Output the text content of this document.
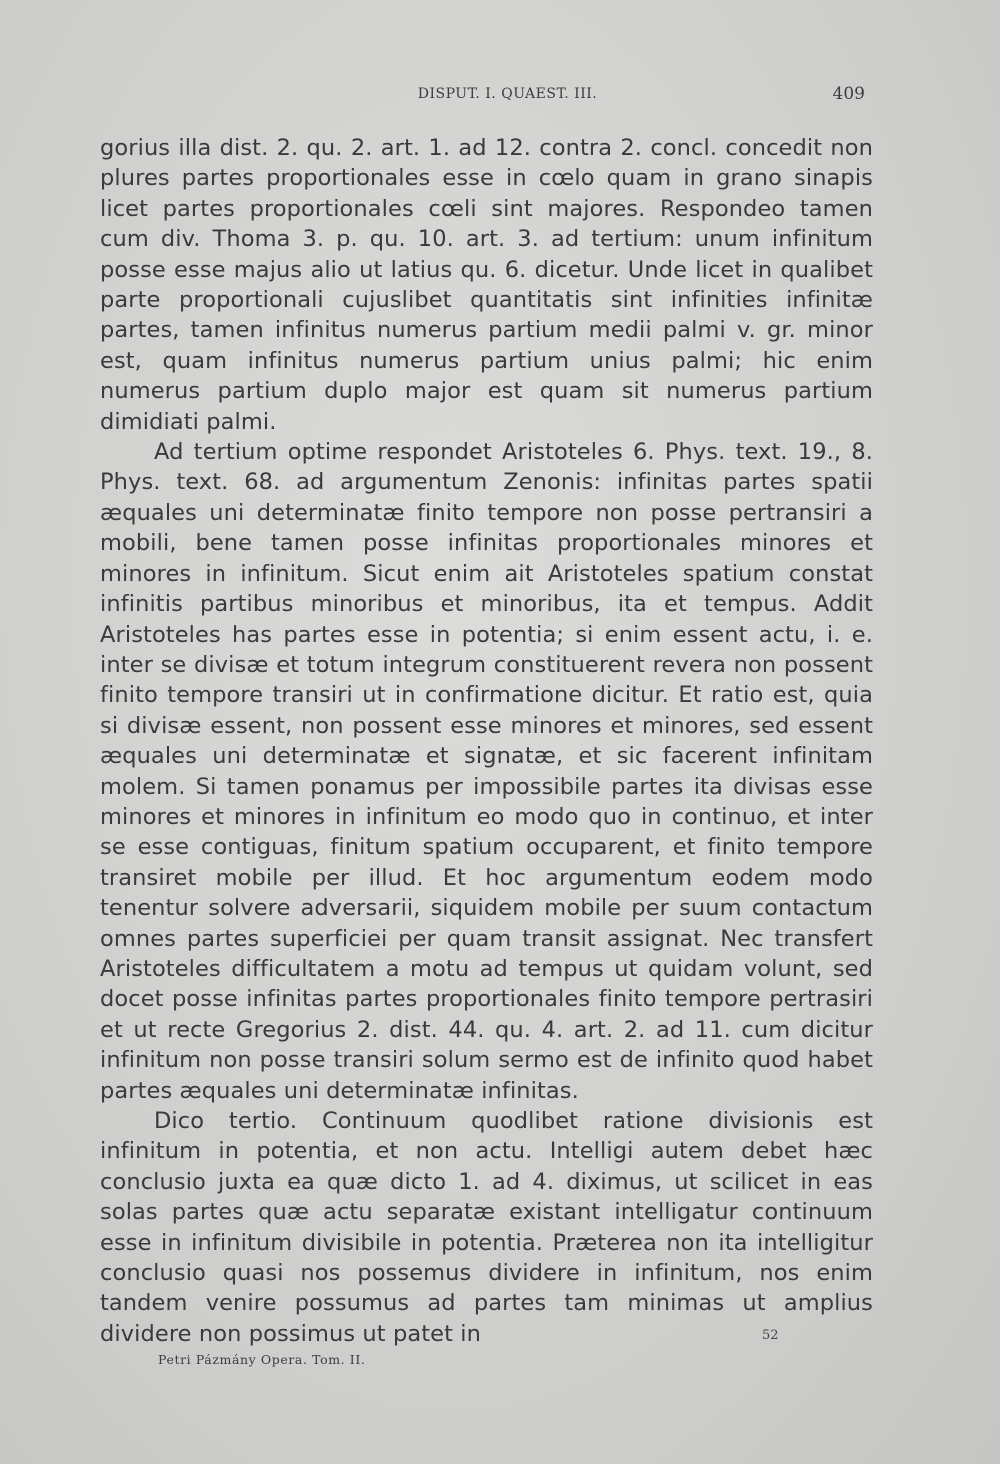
DISPUT. I. QUAEST. III.	409

gorius illa dist. 2. qu. 2. art. 1. ad 12. contra 2. concl. concedit non plures partes proportionales esse in cœlo quam in grano sinapis licet partes proportionales cœli sint majores. Respondeo tamen cum div. Thoma 3. p. qu. 10. art. 3. ad tertium: unum infinitum posse esse majus alio ut latius qu. 6. dicetur. Unde licet in qualibet parte proportionali cujuslibet quantitatis sint infinities infinitæ partes, tamen infinitus numerus partium medii palmi v. gr. minor est, quam infinitus numerus partium unius palmi; hic enim numerus partium duplo major est quam sit numerus partium dimidiati palmi.

Ad tertium optime respondet Aristoteles 6. Phys. text. 19., 8. Phys. text. 68. ad argumentum Zenonis: infinitas partes spatii æquales uni determinatæ finito tempore non posse pertransiri a mobili, bene tamen posse infinitas proportionales minores et minores in infinitum. Sicut enim ait Aristoteles spatium constat infinitis partibus minoribus et minoribus, ita et tempus. Addit Aristoteles has partes esse in potentia; si enim essent actu, i. e. inter se divisæ et totum integrum constituerent revera non possent finito tempore transiri ut in confirmatione dicitur. Et ratio est, quia si divisæ essent, non possent esse minores et minores, sed essent æquales uni determinatæ et signatæ, et sic facerent infinitam molem. Si tamen ponamus per impossibile partes ita divisas esse minores et minores in infinitum eo modo quo in continuo, et inter se esse contiguas, finitum spatium occuparent, et finito tempore transiret mobile per illud. Et hoc argumentum eodem modo tenentur solvere adversarii, siquidem mobile per suum contactum omnes partes superficiei per quam transit assignat. Nec transfert Aristoteles difficultatem a motu ad tempus ut quidam volunt, sed docet posse infinitas partes proportionales finito tempore pertrasiri et ut recte Gregorius 2. dist. 44. qu. 4. art. 2. ad 11. cum dicitur infinitum non posse transiri solum sermo est de infinito quod habet partes æquales uni determinatæ infinitas.

Dico tertio. Continuum quodlibet ratione divisionis est infinitum in potentia, et non actu. Intelligi autem debet hæc conclusio juxta ea quæ dicto 1. ad 4. diximus, ut scilicet in eas solas partes quæ actu separatæ existant intelligatur continuum esse in infinitum divisibile in potentia. Præterea non ita intelligitur conclusio quasi nos possemus dividere in infinitum, nos enim tandem venire possumus ad partes tam minimas ut amplius dividere non possimus ut patet in	52
Petri Pázmány Opera. Tom. II.
